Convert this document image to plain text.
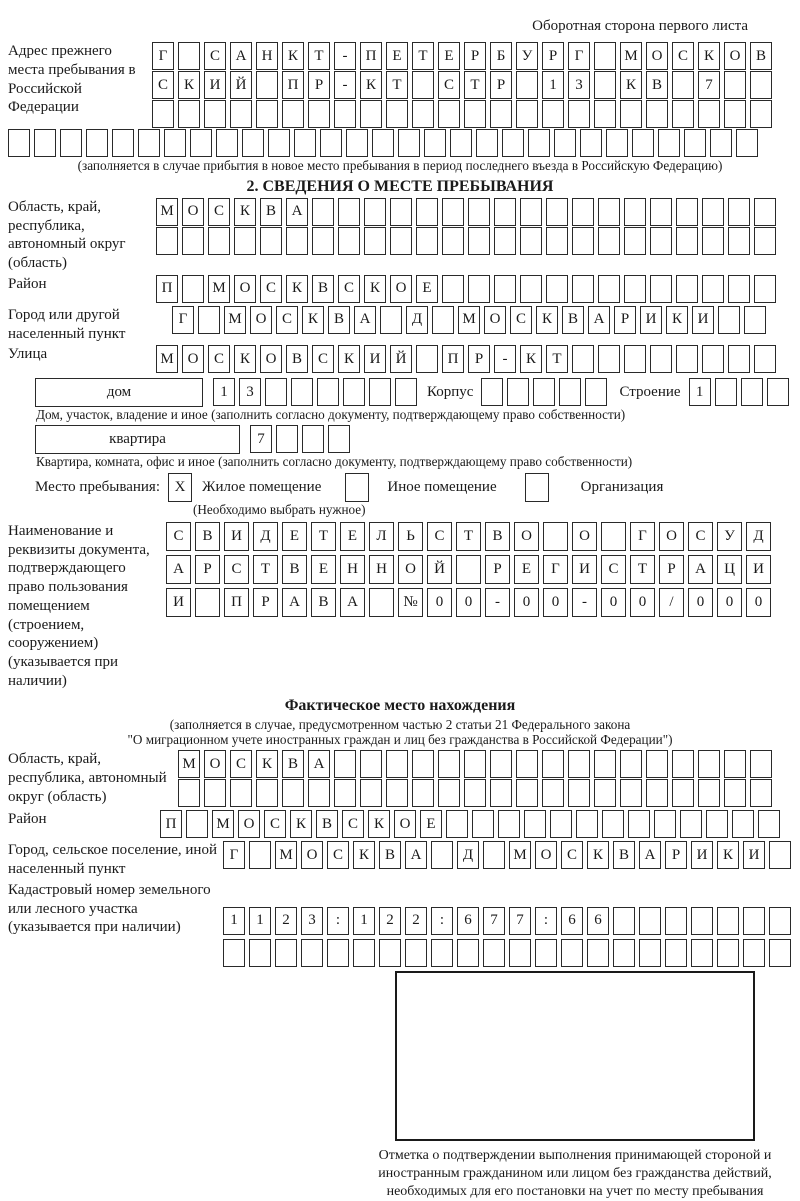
Оборотная сторона первого листа
Адрес прежнего места пребывания в Российской Федерации
Г	С	А	Н	К	Т	-	П	Е	Т	Е	Р	Б	У	Р	Г	М О	С	К	О	В
С	К	И	Й	П	Р	-	К	Т	С	Т	Р	1	3	К	В	7
(заполняется в случае прибытия в новое место пребывания в период последнего въезда в Российскую Федерацию)
2. СВЕДЕНИЯ О МЕСТЕ ПРЕБЫВАНИЯ
Область, край, республика, автономный округ (область)
М О	С	К	В	А
Район	П	М О	С	К	В	С	К	О	Е
Город или другой населенный пункт
Г	М О	С	К	В	А	Д	М О	С	К	В	А	Р	И	К	И
Улица	М О	С	К	О	В	С	К	И	Й	П	Р	-	К	Т
дом	1	3	Корпус	Строение	1
Дом, участок, владение и иное (заполнить согласно документу, подтверждающему право собственности)
квартира	7
Квартира, комната, офис и иное (заполнить согласно документу, подтверждающему право собственности)
Место пребывания: X	Жилое помещение	Иное помещение	Организация
(Необходимо выбрать нужное)
Наименование и реквизиты документа, подтверждающего право пользования помещением (строением, сооружением) (указывается при наличии)
С	В	И	Д	Е	Т	Е	Л	Ь	С	Т	В	О	О	Г	О	С	У	Д
А	Р	С	Т	В	Е	Н	Н	О	Й	Р	Е	Г	И	С	Т	Р	А	Ц	И
И	П	Р	А	В	А	№	0	0	-	0	0	-	0	0	/	0	0	0
Фактическое место нахождения
(заполняется в случае, предусмотренном частью 2 статьи 21 Федерального закона
"О миграционном учете иностранных граждан и лиц без гражданства в Российской Федерации")
Область, край, республика, автономный округ (область)
М О	С	К	В	А
Район	П	М О	С	К	В	С	К	О	Е
Город, сельское поселение, иной населенный пункт
Г	М О	С	К	В	А	Д	М О	С	К	В	А	Р	И	К	И
Кадастровый номер земельного или лесного участка (указывается при наличии)	1	1	2	3	:	1	2	2	:	6	7	7	:	6	6
Отметка о подтверждении выполнения принимающей стороной и иностранным гражданином или лицом без гражданства действий, необходимых для его постановки на учет по месту пребывания
